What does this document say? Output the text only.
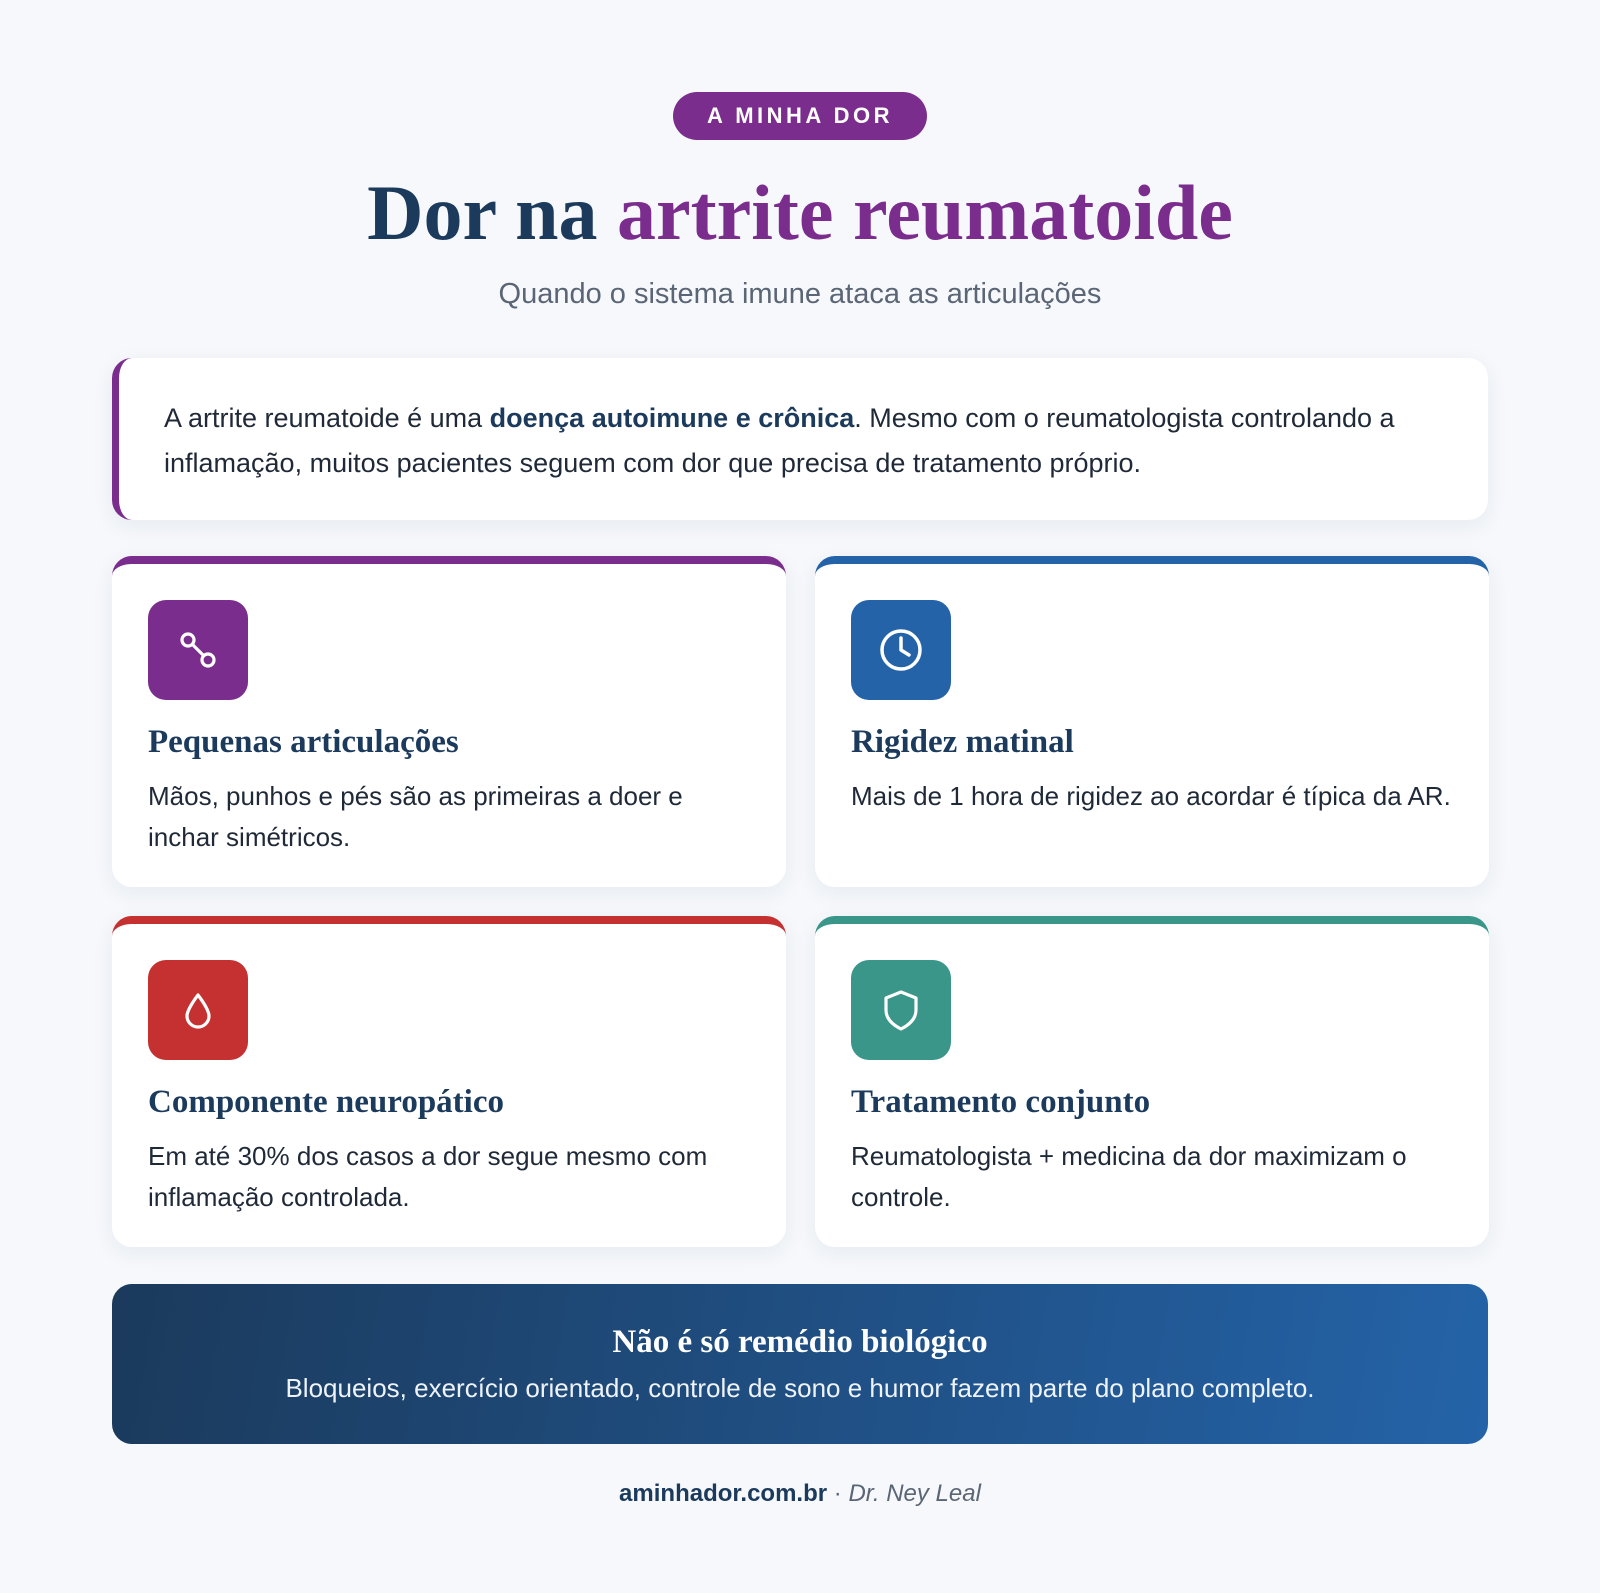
A MINHA DOR
Dor na artrite reumatoide
Quando o sistema imune ataca as articulações
A artrite reumatoide é uma doença autoimune e crônica. Mesmo com o reumatologista controlando a inflamação, muitos pacientes seguem com dor que precisa de tratamento próprio.
Pequenas articulações

Mãos, punhos e pés são as primeiras a doer e inchar simétricos.

Rigidez matinal

Mais de 1 hora de rigidez ao acordar é típica da AR.

Componente neuropático

Em até 30% dos casos a dor segue mesmo com inflamação controlada.

Tratamento conjunto

Reumatologista + medicina da dor maximizam o controle.

Não é só remédio biológico

Bloqueios, exercício orientado, controle de sono e humor fazem parte do plano completo.

aminhador.com.br · Dr. Ney Leal
